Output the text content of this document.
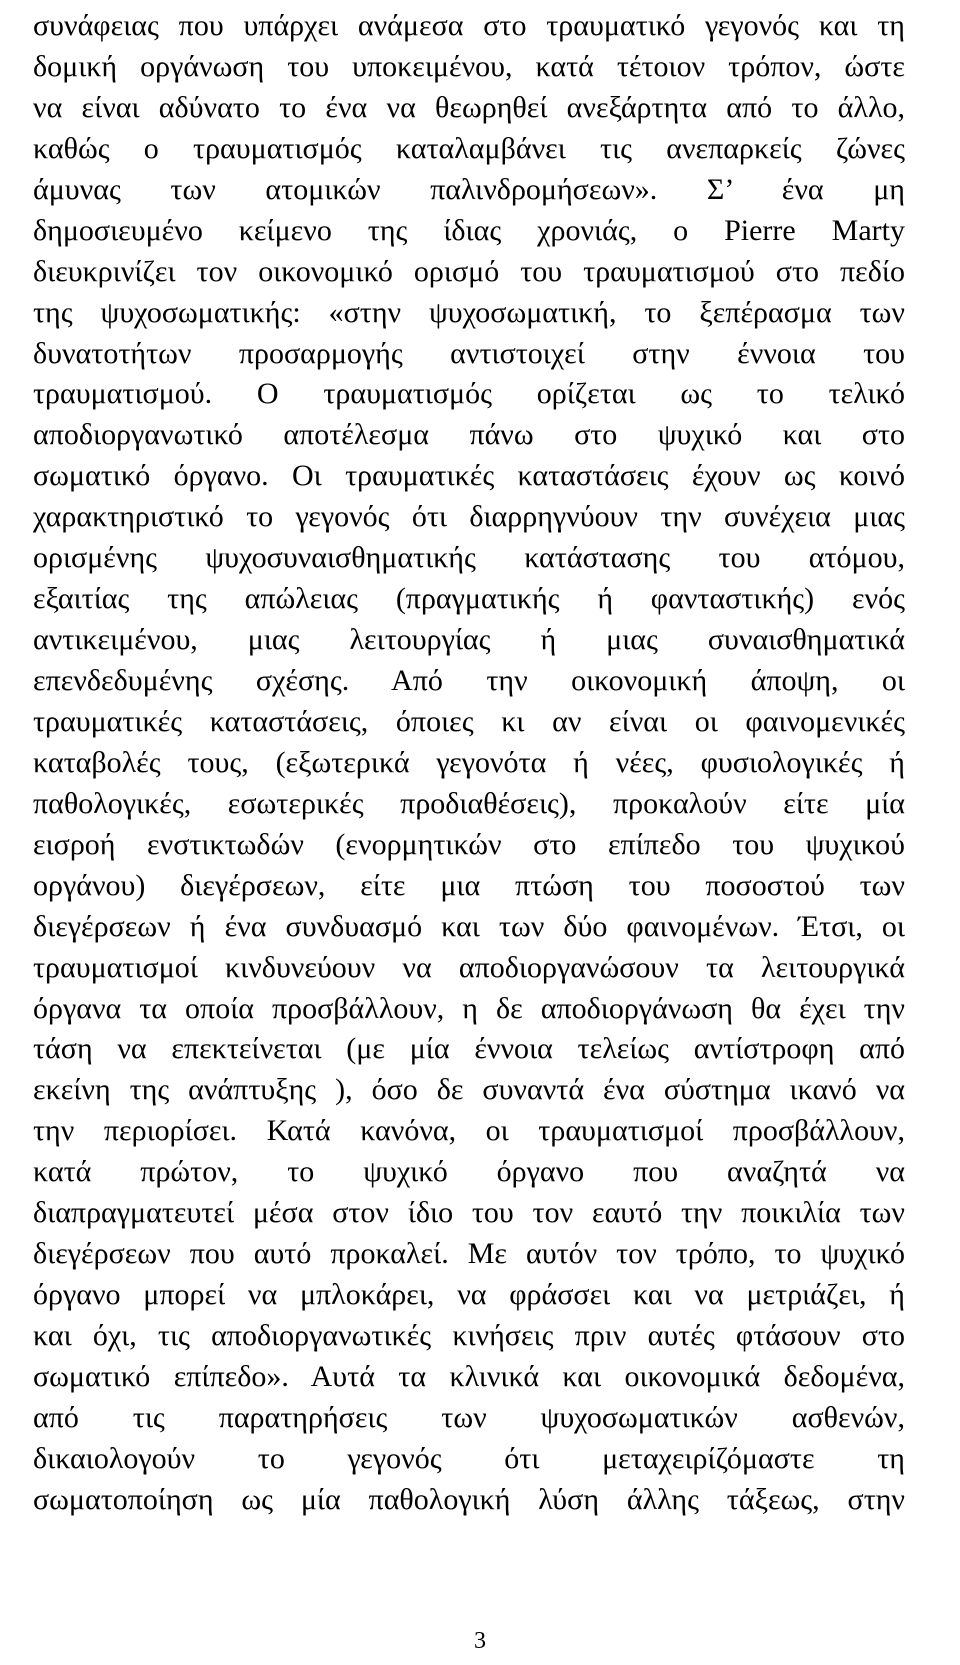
συνάφειας που υπάρχει ανάμεσα στο τραυματικό γεγονός και τη
δομική οργάνωση του υποκειμένου, κατά τέτοιον τρόπον, ώστε
να είναι αδύνατο το ένα να θεωρηθεί ανεξάρτητα από το άλλο,
καθώς ο τραυματισμός καταλαμβάνει τις ανεπαρκείς ζώνες
άμυνας των ατομικών παλινδρομήσεων». Σ’ ένα μη
δημοσιευμένο κείμενο της ίδιας χρονιάς, ο Pierre Marty
διευκρινίζει τον οικονομικό ορισμό του τραυματισμού στο πεδίο
της ψυχοσωματικής: «στην ψυχοσωματική, το ξεπέρασμα των
δυνατοτήτων προσαρμογής αντιστοιχεί στην έννοια του
τραυματισμού. Ο τραυματισμός ορίζεται ως το τελικό
αποδιοργανωτικό αποτέλεσμα πάνω στο ψυχικό και στο
σωματικό όργανο. Οι τραυματικές καταστάσεις έχουν ως κοινό
χαρακτηριστικό το γεγονός ότι διαρρηγνύουν την συνέχεια μιας
ορισμένης ψυχοσυναισθηματικής κατάστασης του ατόμου,
εξαιτίας της απώλειας (πραγματικής ή φανταστικής) ενός
αντικειμένου, μιας λειτουργίας ή μιας συναισθηματικά
επενδεδυμένης σχέσης. Από την οικονομική άποψη, οι
τραυματικές καταστάσεις, όποιες κι αν είναι οι φαινομενικές
καταβολές τους, (εξωτερικά γεγονότα ή νέες, φυσιολογικές ή
παθολογικές, εσωτερικές προδιαθέσεις), προκαλούν είτε μία
εισροή ενστικτωδών (ενορμητικών στο επίπεδο του ψυχικού
οργάνου) διεγέρσεων, είτε μια πτώση του ποσοστού των
διεγέρσεων ή ένα συνδυασμό και των δύο φαινομένων. Έτσι, οι
τραυματισμοί κινδυνεύουν να αποδιοργανώσουν τα λειτουργικά
όργανα τα οποία προσβάλλουν, η δε αποδιοργάνωση θα έχει την
τάση να επεκτείνεται (με μία έννοια τελείως αντίστροφη από
εκείνη της ανάπτυξης ), όσο δε συναντά ένα σύστημα ικανό να
την περιορίσει. Κατά κανόνα, οι τραυματισμοί προσβάλλουν,
κατά πρώτον, το ψυχικό όργανο που αναζητά να
διαπραγματευτεί μέσα στον ίδιο του τον εαυτό την ποικιλία των
διεγέρσεων που αυτό προκαλεί. Με αυτόν τον τρόπο, το ψυχικό
όργανο μπορεί να μπλοκάρει, να φράσσει και να μετριάζει, ή
και όχι, τις αποδιοργανωτικές κινήσεις πριν αυτές φτάσουν στο
σωματικό επίπεδο». Αυτά τα κλινικά και οικονομικά δεδομένα,
από τις παρατηρήσεις των ψυχοσωματικών ασθενών,
δικαιολογούν το γεγονός ότι μεταχειρίζόμαστε τη
σωματοποίηση ως μία παθολογική λύση άλλης τάξεως, στην
3
